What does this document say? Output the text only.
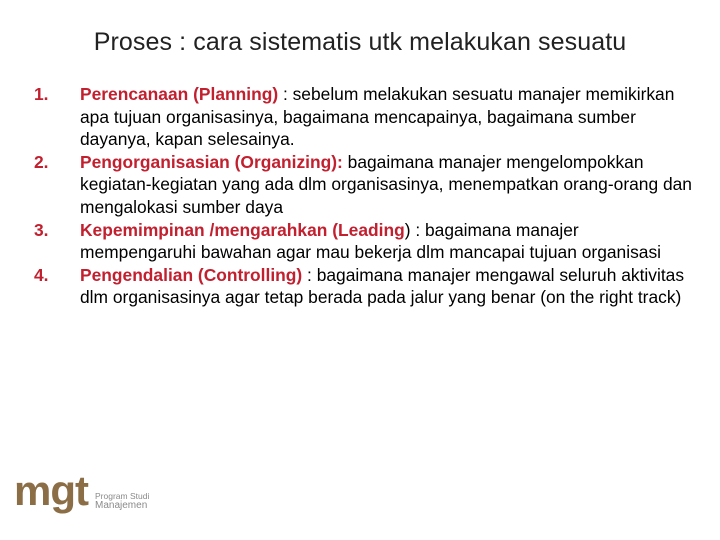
Proses : cara sistematis utk melakukan sesuatu
1. Perencanaan (Planning) : sebelum melakukan sesuatu manajer memikirkan apa tujuan organisasinya, bagaimana mencapainya, bagaimana sumber dayanya, kapan selesainya.
2. Pengorganisasian (Organizing): bagaimana manajer mengelompokkan kegiatan-kegiatan yang ada dlm organisasinya, menempatkan orang-orang dan mengalokasi sumber daya
3. Kepemimpinan /mengarahkan (Leading) : bagaimana manajer mempengaruhi bawahan agar mau bekerja dlm mancapai tujuan organisasi
4. Pengendalian (Controlling) : bagaimana manajer mengawal seluruh aktivitas dlm organisasinya agar tetap berada pada jalur yang benar (on the right track)
mgt Program Studi
Manajemen
